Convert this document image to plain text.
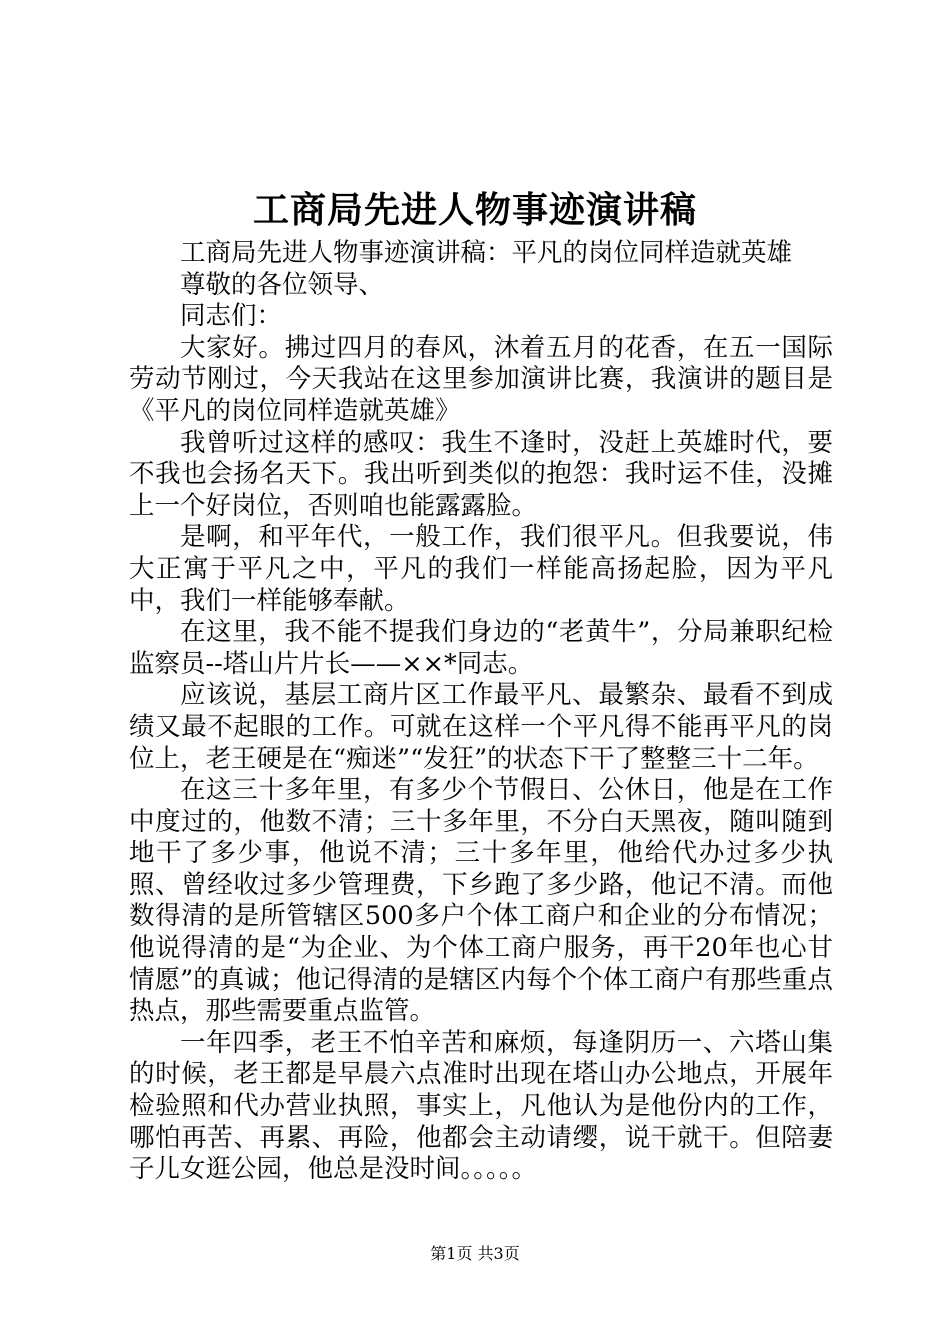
工商局先进人物事迹演讲稿

工商局先进人物事迹演讲稿：平凡的岗位同样造就英雄

尊敬的各位领导、

同志们：

大家好。拂过四月的春风，沐着五月的花香，在五一国际劳动节刚过，今天我站在这里参加演讲比赛，我演讲的题目是《平凡的岗位同样造就英雄》

我曾听过这样的感叹：我生不逢时，没赶上英雄时代，要不我也会扬名天下。我出听到类似的抱怨：我时运不佳，没摊上一个好岗位，否则咱也能露露脸。

是啊，和平年代，一般工作，我们很平凡。但我要说，伟大正寓于平凡之中，平凡的我们一样能高扬起脸，因为平凡中，我们一样能够奉献。

在这里，我不能不提我们身边的“老黄牛”，分局兼职纪检监察员--塔山片片长——××*同志。

应该说，基层工商片区工作最平凡、最繁杂、最看不到成绩又最不起眼的工作。可就在这样一个平凡得不能再平凡的岗位上，老王硬是在“痴迷”“发狂”的状态下干了整整三十二年。

在这三十多年里，有多少个节假日、公休日，他是在工作中度过的，他数不清；三十多年里，不分白天黑夜，随叫随到地干了多少事，他说不清；三十多年里，他给代办过多少执照、曾经收过多少管理费，下乡跑了多少路，他记不清。而他数得清的是所管辖区500多户个体工商户和企业的分布情况；他说得清的是“为企业、为个体工商户服务，再干20年也心甘情愿”的真诚；他记得清的是辖区内每个个体工商户有那些重点热点，那些需要重点监管。

一年四季，老王不怕辛苦和麻烦，每逢阴历一、六塔山集的时候，老王都是早晨六点准时出现在塔山办公地点，开展年检验照和代办营业执照，事实上，凡他认为是他份内的工作，哪怕再苦、再累、再险，他都会主动请缨，说干就干。但陪妻子儿女逛公园，他总是没时间。。。。。

第1页 共3页
